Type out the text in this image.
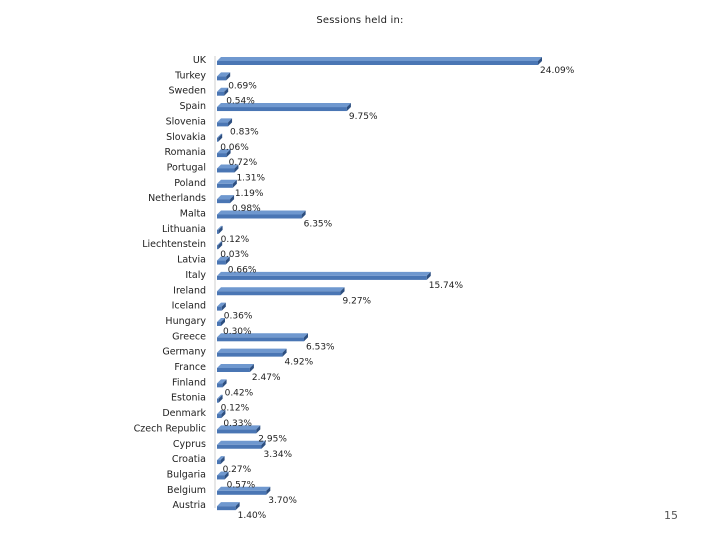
Sessions held in:
UK
Turkey
Sweden
Spain
Slovenia
Slovakia
Romania
Portugal
Poland
Netherlands
Malta
Lithuania
Liechtenstein
Latvia
Italy
Ireland
Iceland
Hungary
Greece
Germany
France
Finland
Estonia
Denmark
Czech Republic
Cyprus
Croatia
Bulgaria
Belgium
Austria
24.09%
0.69%
0.54%
9.75%
0.83%
0.06%
0.72%
1.31%
1.19%
0.98%
6.35%
0.12%
0.03%
0.66%
15.74%
9.27%
0.36%
0.30%
6.53%
4.92%
2.47%
0.42%
0.12%
0.33%
2.95%
3.34%
0.27%
0.57%
3.70%
1.40%	15
